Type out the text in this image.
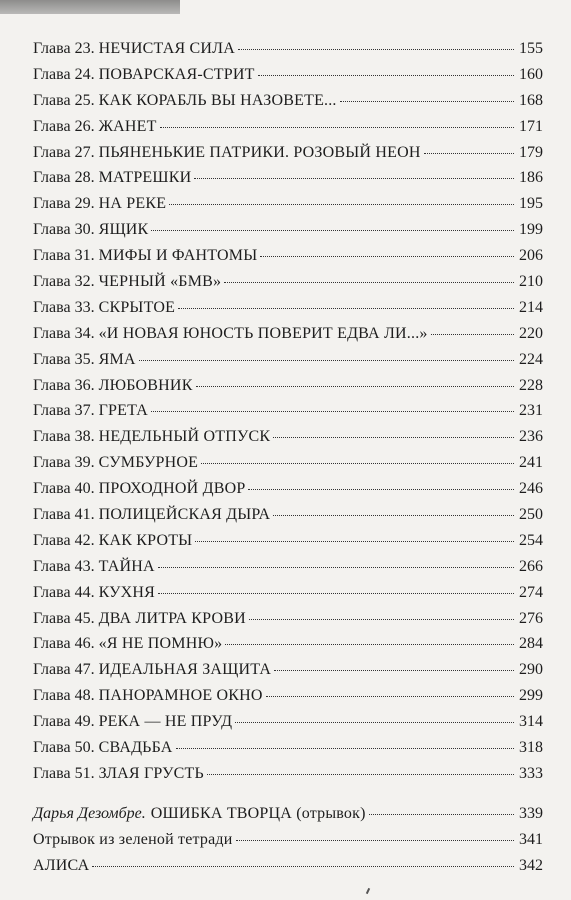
Глава 23. НЕЧИСТАЯ СИЛА	155
Глава 24. ПОВАРСКАЯ-СТРИТ	160
Глава 25. КАК КОРАБЛЬ ВЫ НАЗОВЕТЕ...	168
Глава 26. ЖАНЕТ	171
Глава 27. ПЬЯНЕНЬКИЕ ПАТРИКИ. РОЗОВЫЙ НЕОН	179
Глава 28. МАТРЕШКИ	186
Глава 29. НА РЕКЕ	195
Глава 30. ЯЩИК	199
Глава 31. МИФЫ И ФАНТОМЫ	206
Глава 32. ЧЕРНЫЙ «БМВ»	210
Глава 33. СКРЫТОЕ	214
Глава 34. «И НОВАЯ ЮНОСТЬ ПОВЕРИТ ЕДВА ЛИ...»	220
Глава 35. ЯМА	224
Глава 36. ЛЮБОВНИК	228
Глава 37. ГРЕТА	231
Глава 38. НЕДЕЛЬНЫЙ ОТПУСК	236
Глава 39. СУМБУРНОЕ	241
Глава 40. ПРОХОДНОЙ ДВОР	246
Глава 41. ПОЛИЦЕЙСКАЯ ДЫРА	250
Глава 42. КАК КРОТЫ	254
Глава 43. ТАЙНА	266
Глава 44. КУХНЯ	274
Глава 45. ДВА ЛИТРА КРОВИ	276
Глава 46. «Я НЕ ПОМНЮ»	284
Глава 47. ИДЕАЛЬНАЯ ЗАЩИТА	290
Глава 48. ПАНОРАМНОЕ ОКНО	299
Глава 49. РЕКА — НЕ ПРУД	314
Глава 50. СВАДЬБА	318
Глава 51. ЗЛАЯ ГРУСТЬ	333
Дарья Дезомбре. ОШИБКА ТВОРЦА (отрывок)	339
Отрывок из зеленой тетради	341
АЛИСА	342
